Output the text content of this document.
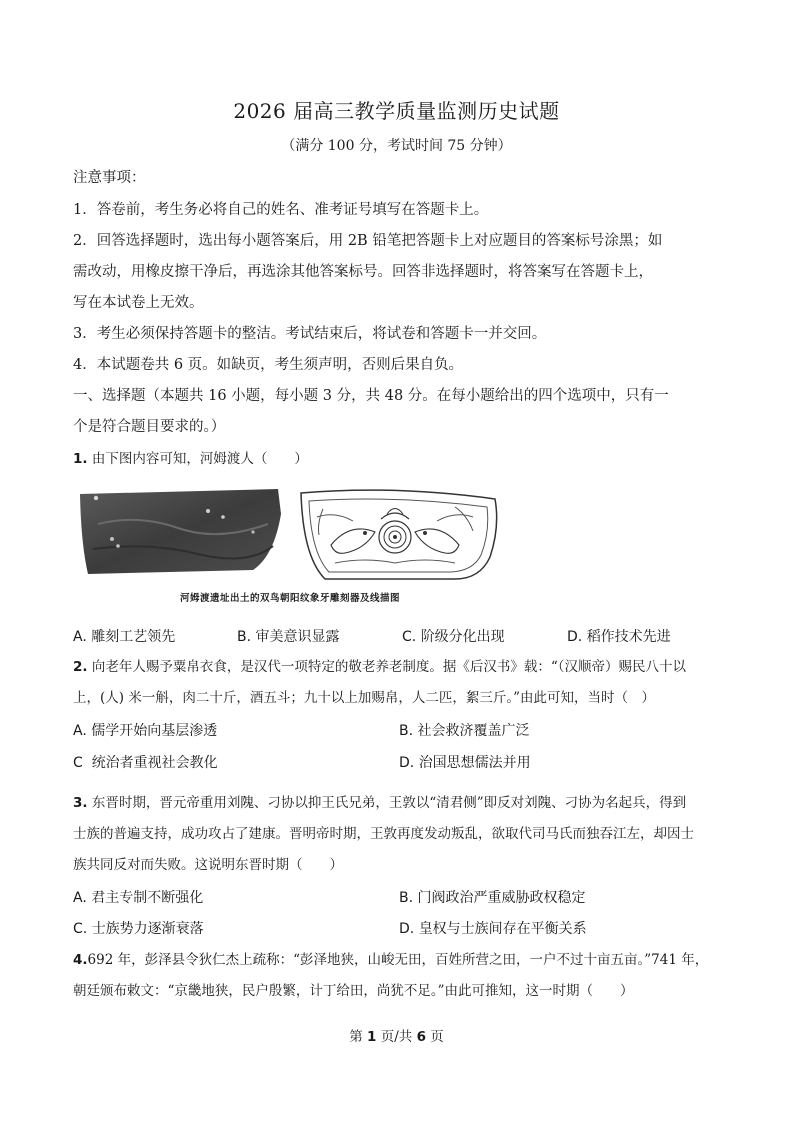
2026 届高三教学质量监测历史试题
（满分 100 分，考试时间 75 分钟）
注意事项：
1．答卷前，考生务必将自己的姓名、准考证号填写在答题卡上。
2．回答选择题时，选出每小题答案后，用 2B 铅笔把答题卡上对应题目的答案标号涂黑；如
需改动，用橡皮擦干净后，再选涂其他答案标号。回答非选择题时，将答案写在答题卡上，
写在本试卷上无效。
3．考生必须保持答题卡的整洁。考试结束后，将试卷和答题卡一并交回。
4．本试题卷共 6 页。如缺页，考生须声明，否则后果自负。
一、选择题（本题共 16 小题，每小题 3 分，共 48 分。在每小题给出的四个选项中，只有一
个是符合题目要求的。）
1. 由下图内容可知，河姆渡人（　　）
河姆渡遗址出土的双鸟朝阳纹象牙雕刻器及线描图
A. 雕刻工艺领先	B. 审美意识显露	C. 阶级分化出现	D. 稻作技术先进
2. 向老年人赐予粟帛衣食，是汉代一项特定的敬老养老制度。据《后汉书》载：“（汉顺帝）赐民八十以
上，(人) 米一斛，肉二十斤，酒五斗；九十以上加赐帛，人二匹，絮三斤。”由此可知，当时（　）
A. 儒学开始向基层渗透	B. 社会救济覆盖广泛
C 统治者重视社会教化	D. 治国思想儒法并用
3. 东晋时期，晋元帝重用刘隗、刁协以抑王氏兄弟，王敦以“清君侧”即反对刘隗、刁协为名起兵，得到
士族的普遍支持，成功攻占了建康。晋明帝时期，王敦再度发动叛乱，欲取代司马氏而独吞江左，却因士
族共同反对而失败。这说明东晋时期（　　）
A. 君主专制不断强化	B. 门阀政治严重威胁政权稳定
C. 士族势力逐渐衰落	D. 皇权与士族间存在平衡关系
4.692 年，彭泽县令狄仁杰上疏称：“彭泽地狭，山峻无田，百姓所营之田，一户不过十亩五亩。”741 年，
朝廷颁布敕文：“京畿地狭，民户殷繁，计丁给田，尚犹不足。”由此可推知，这一时期（　　）
第 1 页/共 6 页
